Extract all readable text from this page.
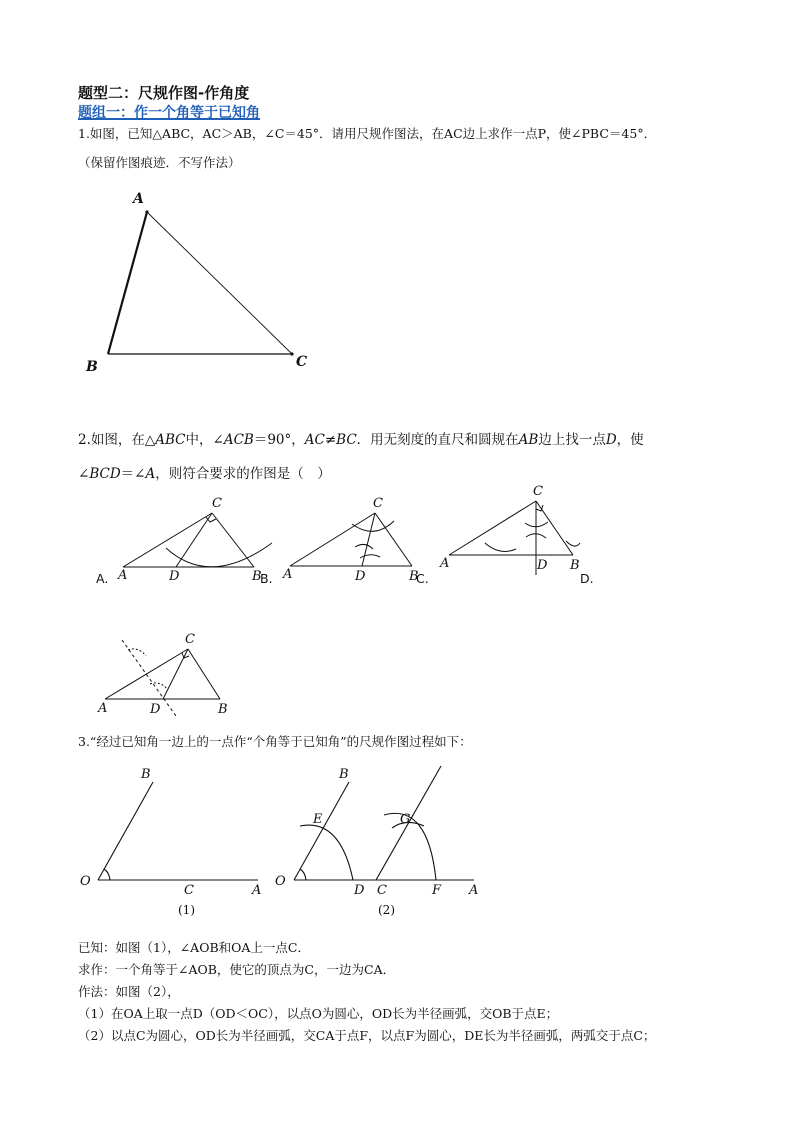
题型二：尺规作图-作角度
题组一：作一个角等于已知角
1.如图，已知△ABC，AC＞AB，∠C＝45°．请用尺规作图法，在AC边上求作一点P，使∠PBC＝45°．
（保留作图痕迹．不写作法）
A
B	C
2.如图，在△ABC中，∠ACB＝90°，AC≠BC．用无刻度的直尺和圆规在AB边上找一点D，使
∠BCD＝∠A，则符合要求的作图是（　）
A	D	B
C
A.	B. A	D	B
C
C.
A	D B
C
D.
A	D	B
C
3.“经过已知角一边上的一点作“个角等于已知角”的尺规作图过程如下：
O
C	A
B
(1)
O
D C	F A
E	G
B
(2)
已知：如图（1），∠AOB和OA上一点C．
求作：一个角等于∠AOB，使它的顶点为C，一边为CA．
作法：如图（2），
（1）在OA上取一点D（OD＜OC），以点O为圆心，OD长为半径画弧，交OB于点E；
（2）以点C为圆心，OD长为半径画弧，交CA于点F，以点F为圆心，DE长为半径画弧，两弧交于点C；
